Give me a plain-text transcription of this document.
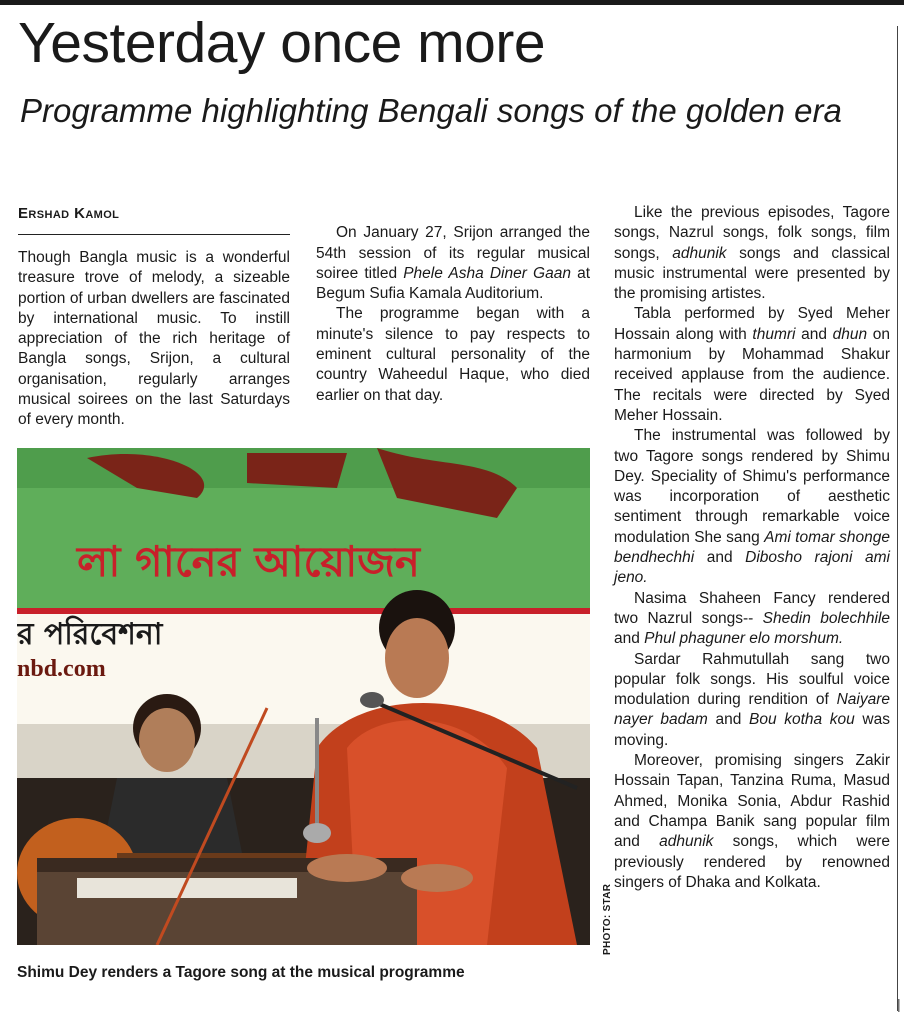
Yesterday once more
Programme highlighting Bengali songs of the golden era
Ershad Kamol

Though Bangla music is a wonderful treasure trove of melody, a sizeable portion of urban dwellers are fascinated by international music. To instill appreciation of the rich heritage of Bangla songs, Srijon, a cultural organisation, regularly arranges musical soirees on the last Saturdays of every month.

On January 27, Srijon arranged the 54th session of its regular musical soiree titled Phele Asha Diner Gaan at Begum Sufia Kamala Auditorium.

The programme began with a minute's silence to pay respects to eminent cultural personality of the country Waheedul Haque, who died earlier on that day.

Like the previous episodes, Tagore songs, Nazrul songs, folk songs, film songs, adhunik songs and classical music instrumental were presented by the promising artistes.

Tabla performed by Syed Meher Hossain along with thumri and dhun on harmonium by Mohammad Shakur received applause from the audience. The recitals were directed by Syed Meher Hossain.

The instrumental was followed by two Tagore songs rendered by Shimu Dey. Speciality of Shimu's performance was incorporation of aesthetic sentiment through remarkable voice modulation She sang Ami tomar shonge bendhechhi and Dibosho rajoni ami jeno.

Nasima Shaheen Fancy rendered two Nazrul songs-- Shedin bolechhile and Phul phaguner elo morshum.

Sardar Rahmutullah sang two popular folk songs. His soulful voice modulation during rendition of Naiyare nayer badam and Bou kotha kou was moving.

Moreover, promising singers Zakir Hossain Tapan, Tanzina Ruma, Masud Ahmed, Monika Sonia, Abdur Rashid and Champa Banik sang popular film and adhunik songs, which were previously rendered by renowned singers of Dhaka and Kolkata.

লা গানের আয়োজন
র পরিবেশনা
nbd.com
PHOTO: STAR

Shimu Dey renders a Tagore song at the musical programme

|
